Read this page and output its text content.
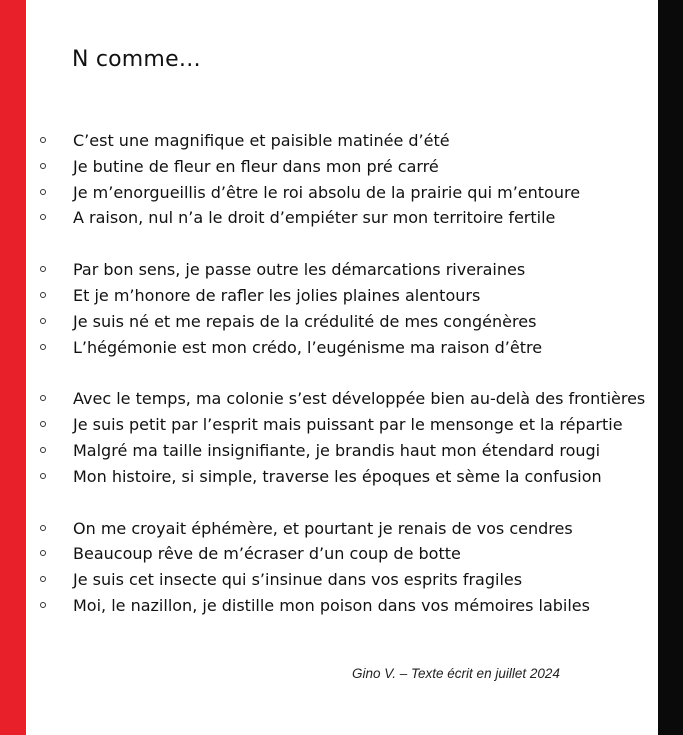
N comme…
C’est une magnifique et paisible matinée d’été
Je butine de fleur en fleur dans mon pré carré
Je m’enorgueillis d’être le roi absolu de la prairie qui m’entoure
A raison, nul n’a le droit d’empiéter sur mon territoire fertile
Par bon sens, je passe outre les démarcations riveraines
Et je m’honore de rafler les jolies plaines alentours
Je suis né et me repais de la crédulité de mes congénères
L’hégémonie est mon crédo, l’eugénisme ma raison d’être
Avec le temps, ma colonie s’est développée bien au-delà des frontières
Je suis petit par l’esprit mais puissant par le mensonge et la répartie
Malgré ma taille insignifiante, je brandis haut mon étendard rougi
Mon histoire, si simple, traverse les époques et sème la confusion
On me croyait éphémère, et pourtant je renais de vos cendres
Beaucoup rêve de m’écraser d’un coup de botte
Je suis cet insecte qui s’insinue dans vos esprits fragiles
Moi, le nazillon, je distille mon poison dans vos mémoires labiles
Gino V. – Texte écrit en juillet 2024
